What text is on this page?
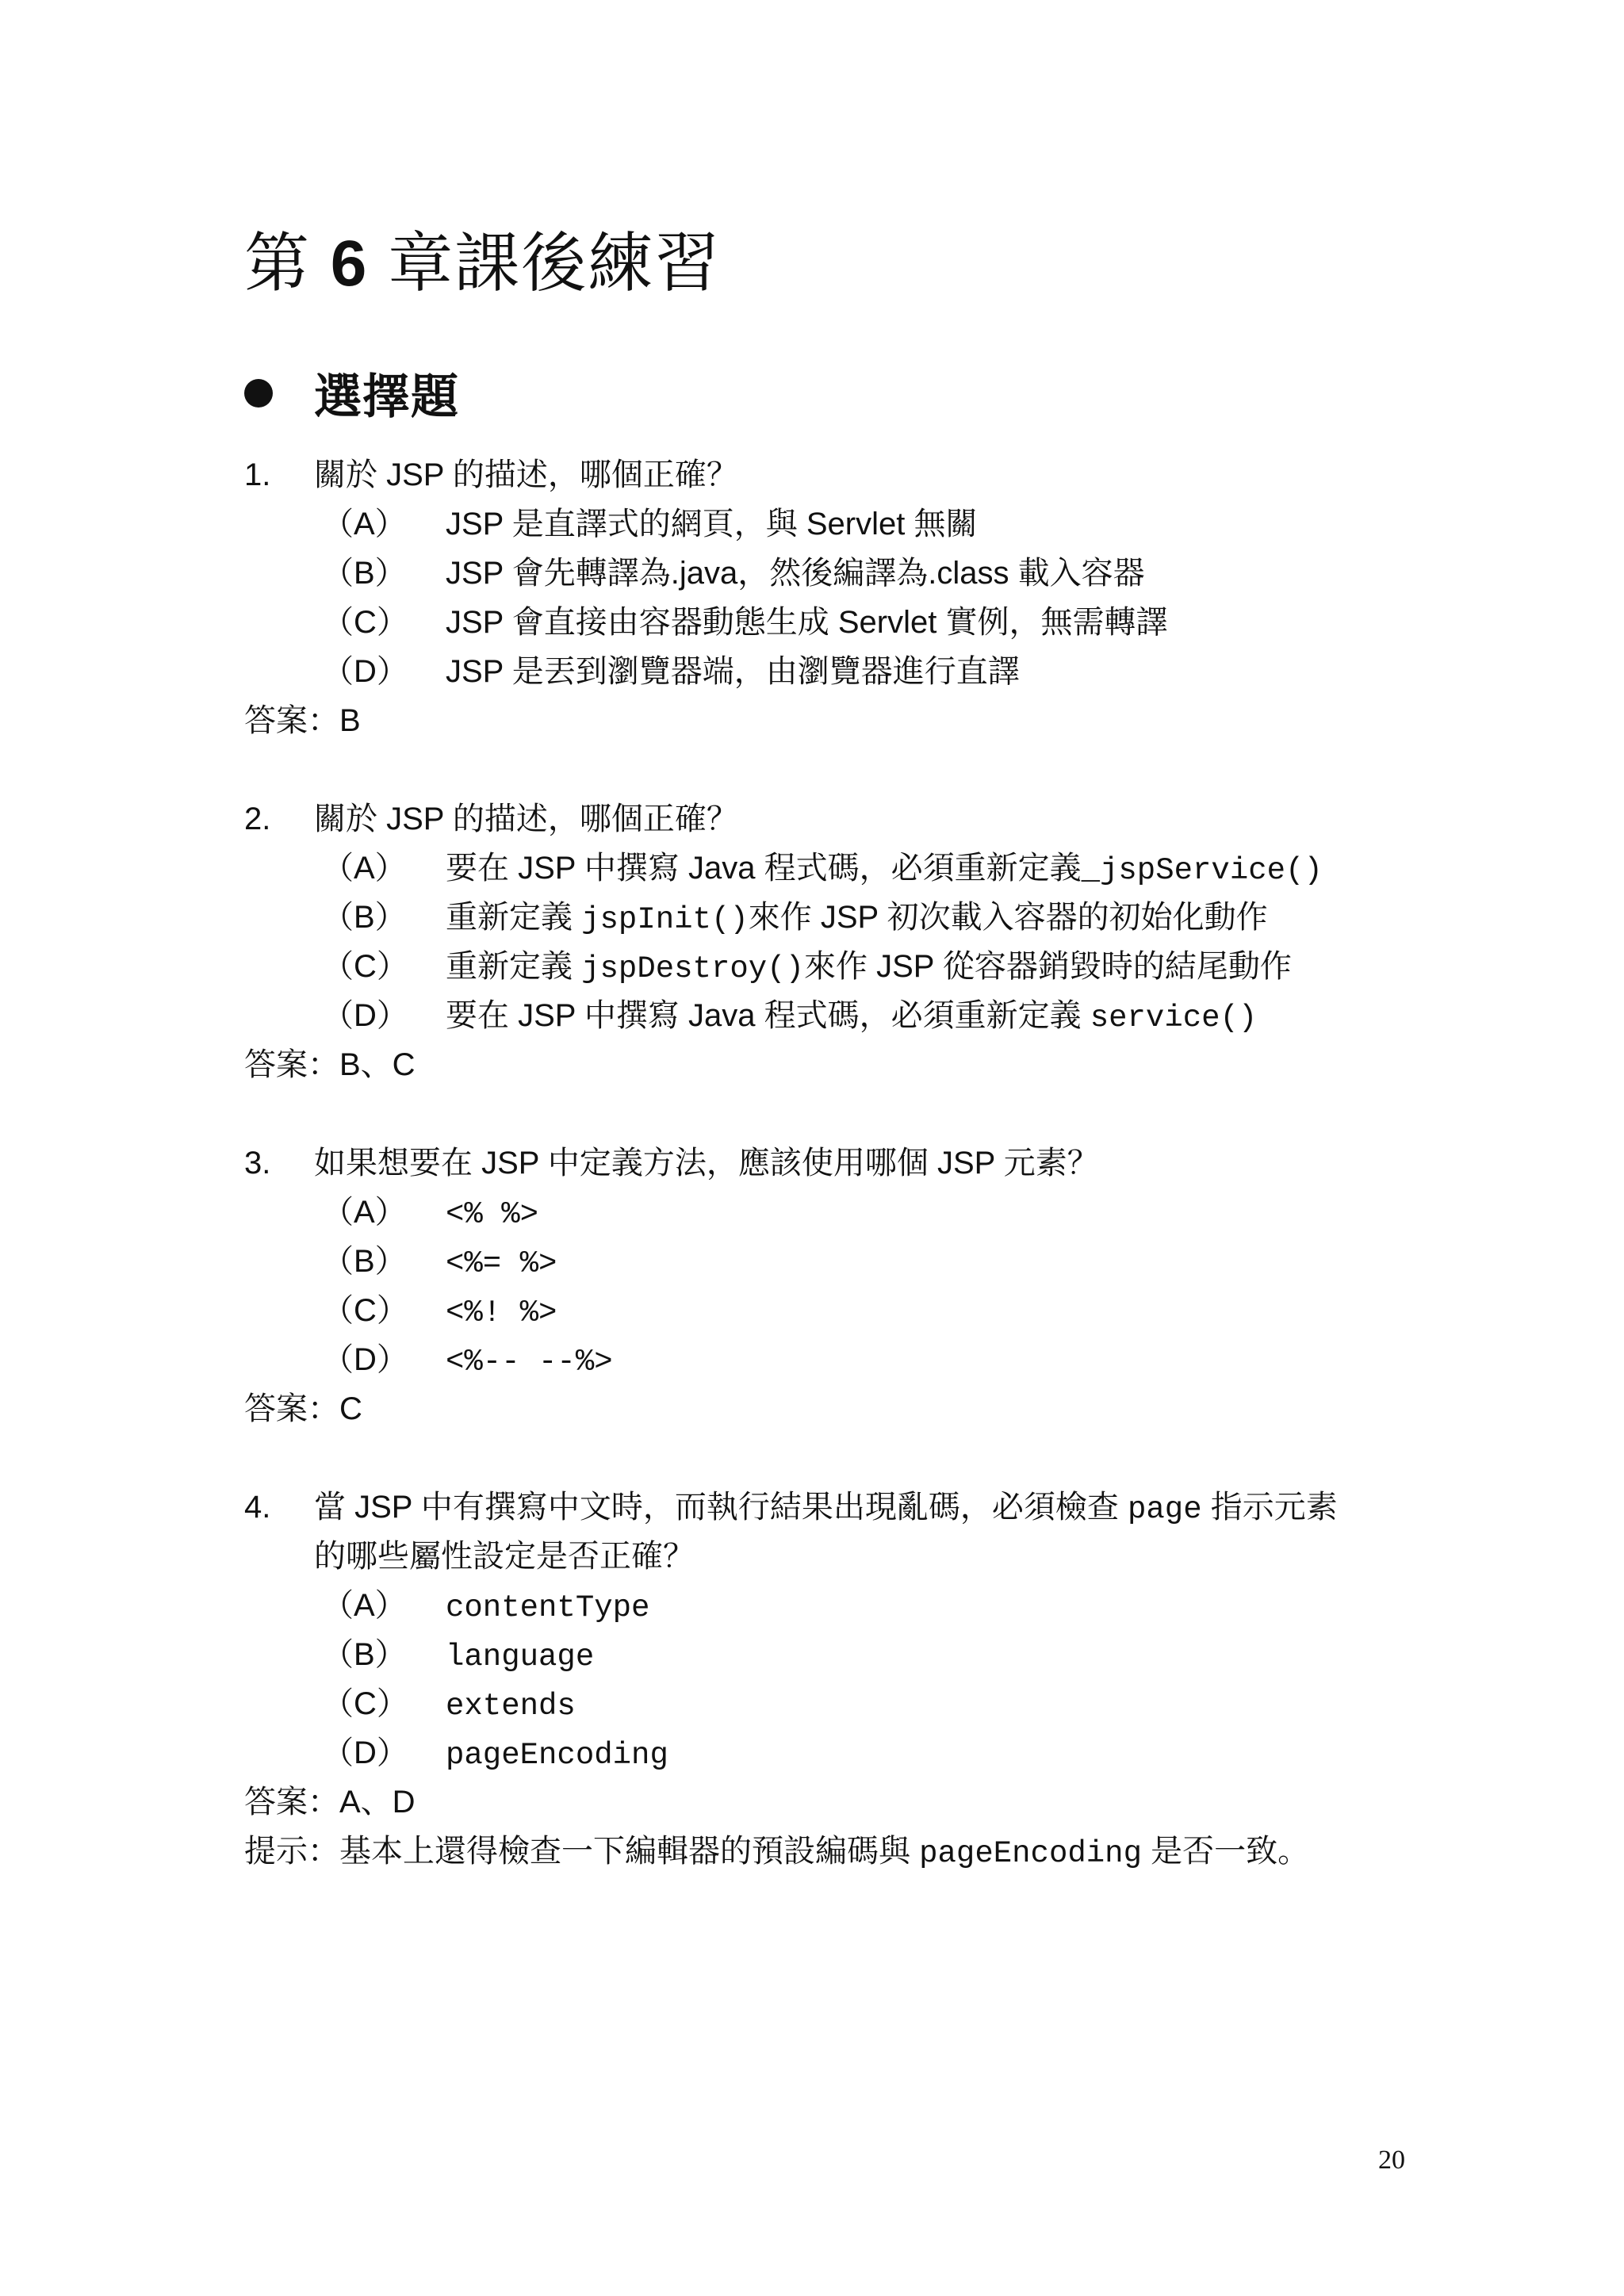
第 6 章課後練習
選擇題
1.	關於 JSP 的描述，哪個正確？
（A）	JSP 是直譯式的網頁，與 Servlet 無關
（B）	JSP 會先轉譯為.java，然後編譯為.class 載入容器
（C）	JSP 會直接由容器動態生成 Servlet 實例，無需轉譯
（D）	JSP 是丟到瀏覽器端，由瀏覽器進行直譯
答案：B
2.	關於 JSP 的描述，哪個正確？
（A）	要在 JSP 中撰寫 Java 程式碼，必須重新定義_jspService()
（B）	重新定義 jspInit()來作 JSP 初次載入容器的初始化動作
（C）	重新定義 jspDestroy()來作 JSP 從容器銷毀時的結尾動作
（D）	要在 JSP 中撰寫 Java 程式碼，必須重新定義 service()
答案：B、C
3.	如果想要在 JSP 中定義方法，應該使用哪個 JSP 元素？
（A）	<% %>
（B）	<%= %>
（C）	<%! %>
（D）	<%-- --%>
答案：C
4.	當 JSP 中有撰寫中文時，而執行結果出現亂碼，必須檢查 page 指示元素
的哪些屬性設定是否正確？
（A）	contentType
（B）	language
（C）	extends
（D）	pageEncoding
答案：A、D
提示：基本上還得檢查一下編輯器的預設編碼與 pageEncoding 是否一致。
20
